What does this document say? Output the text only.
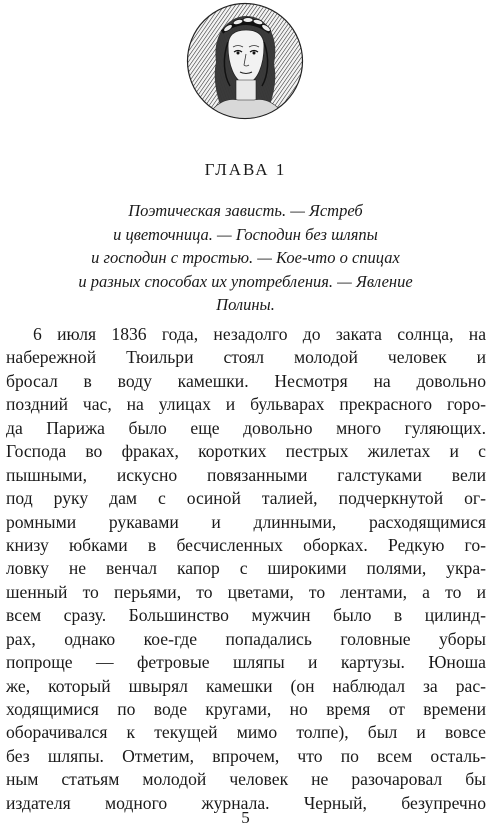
ГЛАВА 1
Поэтическая зависть. — Ястреб
и цветочница. — Господин без шляпы
и господин с тростью. — Кое-что о спицах
и разных способах их употребления. — Явление
Полины.
6 июля 1836 года, незадолго до заката солнца, на
набережной Тюильри стоял молодой человек и
бросал в воду камешки. Несмотря на довольно
поздний час, на улицах и бульварах прекрасного горо-
да Парижа было еще довольно много гуляющих.
Господа во фраках, коротких пестрых жилетах и с
пышными, искусно повязанными галстуками вели
под руку дам с осиной талией, подчеркнутой ог-
ромными рукавами и длинными, расходящимися
книзу юбками в бесчисленных оборках. Редкую го-
ловку не венчал капор с широкими полями, укра-
шенный то перьями, то цветами, то лентами, а то и
всем сразу. Большинство мужчин было в цилинд-
рах, однако кое-где попадались головные уборы
попроще — фетровые шляпы и картузы. Юноша
же, который швырял камешки (он наблюдал за рас-
ходящимися по воде кругами, но время от времени
оборачивался к текущей мимо толпе), был и вовсе
без шляпы. Отметим, впрочем, что по всем осталь-
ным статьям молодой человек не разочаровал бы
издателя модного журнала. Черный, безупречно
5
